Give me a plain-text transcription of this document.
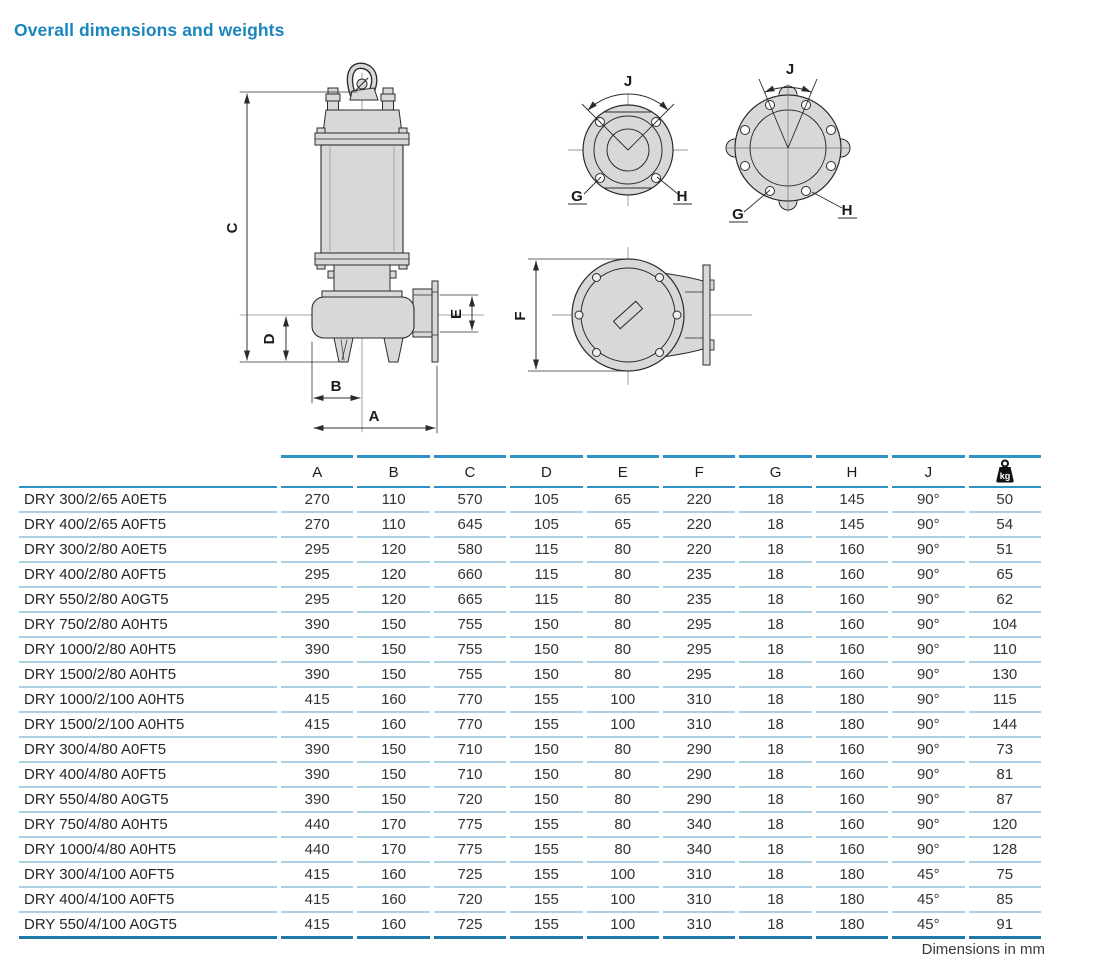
Overall dimensions and weights
C
D
E
B
A
J
G	H
J
G	H
F
	A	B	C	D	E	F	G	H	J	kg

DRY 300/2/65 A0ET5	270	110	570	105	65	220	18	145	90°	50
DRY 400/2/65 A0FT5	270	110	645	105	65	220	18	145	90°	54
DRY 300/2/80 A0ET5	295	120	580	115	80	220	18	160	90°	51
DRY 400/2/80 A0FT5	295	120	660	115	80	235	18	160	90°	65
DRY 550/2/80 A0GT5	295	120	665	115	80	235	18	160	90°	62
DRY 750/2/80 A0HT5	390	150	755	150	80	295	18	160	90°	104
DRY 1000/2/80 A0HT5	390	150	755	150	80	295	18	160	90°	110
DRY 1500/2/80 A0HT5	390	150	755	150	80	295	18	160	90°	130
DRY 1000/2/100 A0HT5	415	160	770	155	100	310	18	180	90°	115
DRY 1500/2/100 A0HT5	415	160	770	155	100	310	18	180	90°	144
DRY 300/4/80 A0FT5	390	150	710	150	80	290	18	160	90°	73
DRY 400/4/80 A0FT5	390	150	710	150	80	290	18	160	90°	81
DRY 550/4/80 A0GT5	390	150	720	150	80	290	18	160	90°	87
DRY 750/4/80 A0HT5	440	170	775	155	80	340	18	160	90°	120
DRY 1000/4/80 A0HT5	440	170	775	155	80	340	18	160	90°	128
DRY 300/4/100 A0FT5	415	160	725	155	100	310	18	180	45°	75
DRY 400/4/100 A0FT5	415	160	720	155	100	310	18	180	45°	85
DRY 550/4/100 A0GT5	415	160	725	155	100	310	18	180	45°	91
Dimensions in mm
